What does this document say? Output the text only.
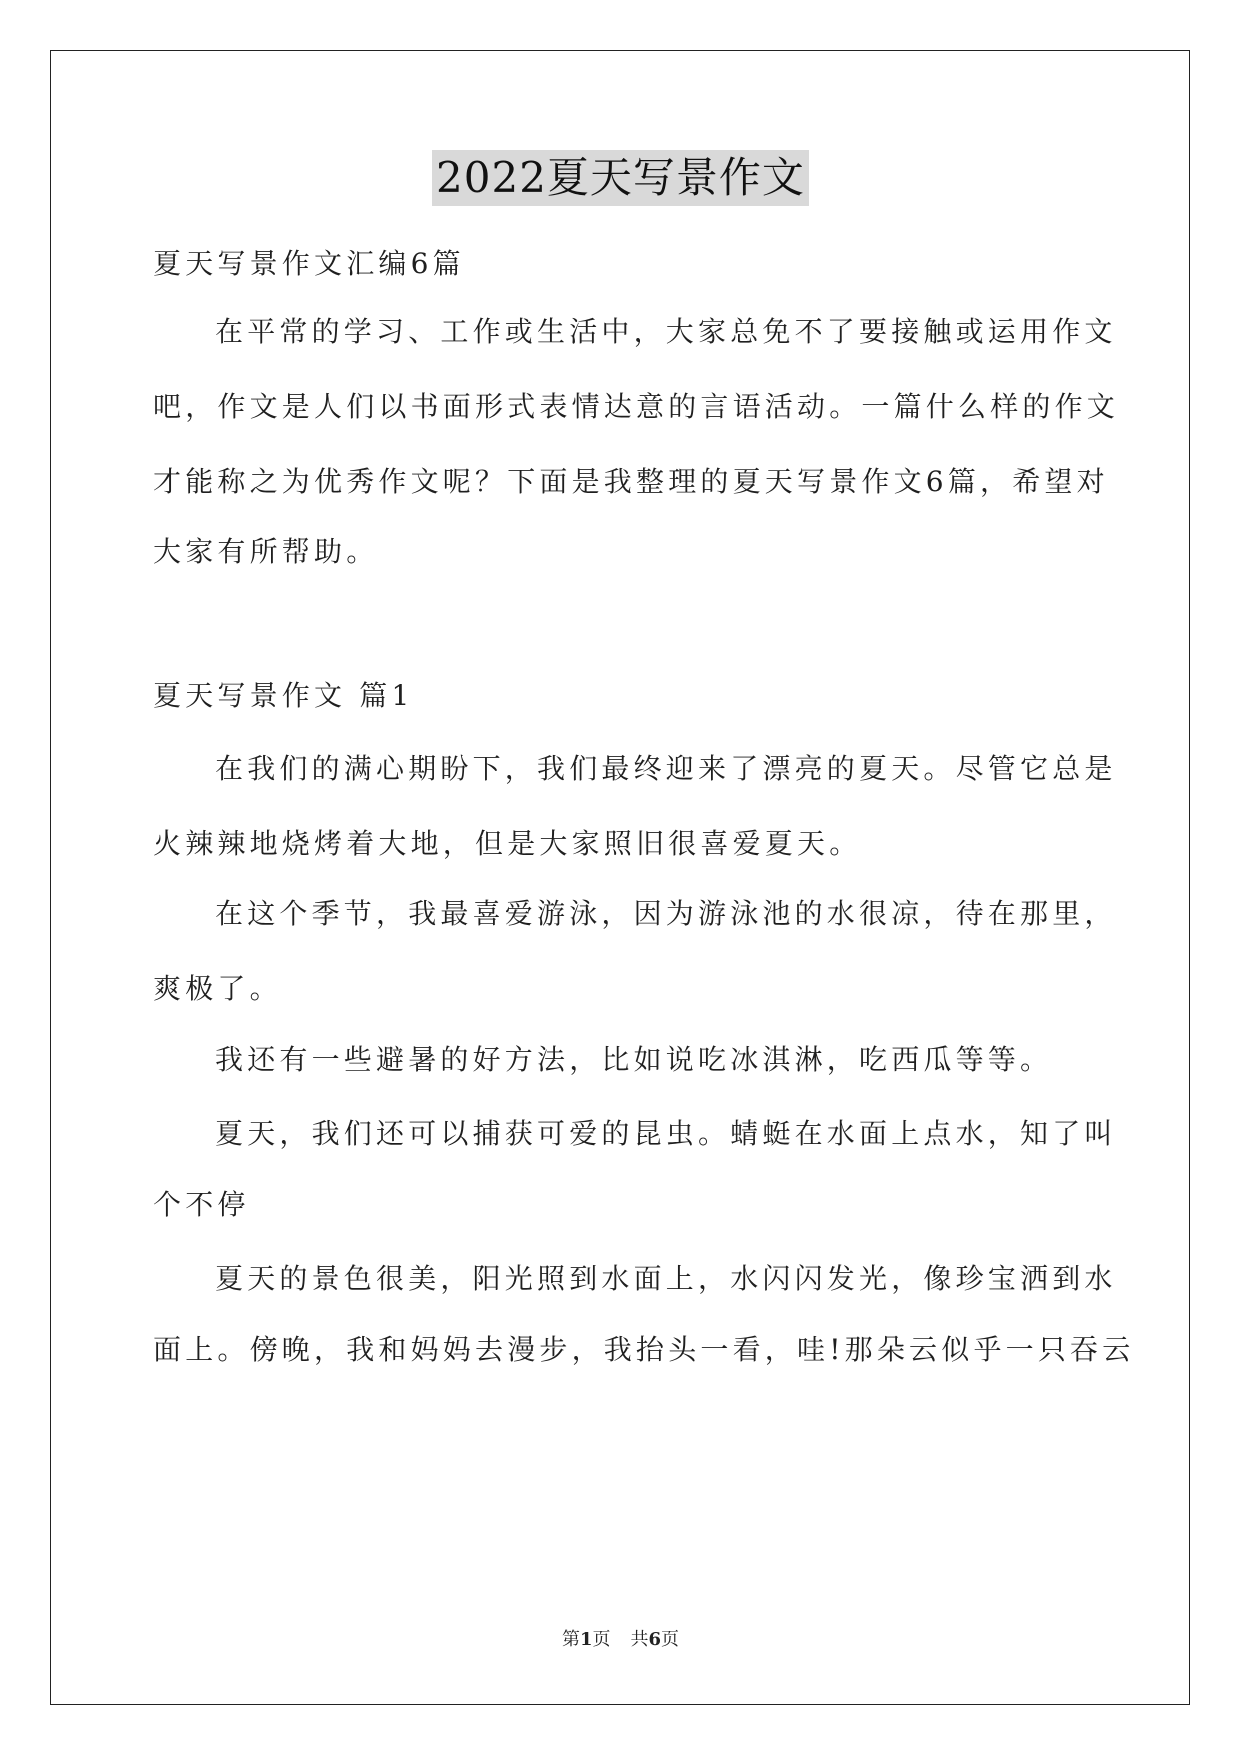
2022夏天写景作文
夏天写景作文汇编6篇
在平常的学习、工作或生活中，大家总免不了要接触或运用作文
吧，作文是人们以书面形式表情达意的言语活动。一篇什么样的作文
才能称之为优秀作文呢？下面是我整理的夏天写景作文6篇，希望对
大家有所帮助。
夏天写景作文 篇1
在我们的满心期盼下，我们最终迎来了漂亮的夏天。尽管它总是
火辣辣地烧烤着大地，但是大家照旧很喜爱夏天。
在这个季节，我最喜爱游泳，因为游泳池的水很凉，待在那里，
爽极了。
我还有一些避暑的好方法，比如说吃冰淇淋，吃西瓜等等。
夏天，我们还可以捕获可爱的昆虫。蜻蜓在水面上点水，知了叫
个不停
夏天的景色很美，阳光照到水面上，水闪闪发光，像珍宝洒到水
面上。傍晚，我和妈妈去漫步，我抬头一看，哇!那朵云似乎一只吞云
第1页 共6页
